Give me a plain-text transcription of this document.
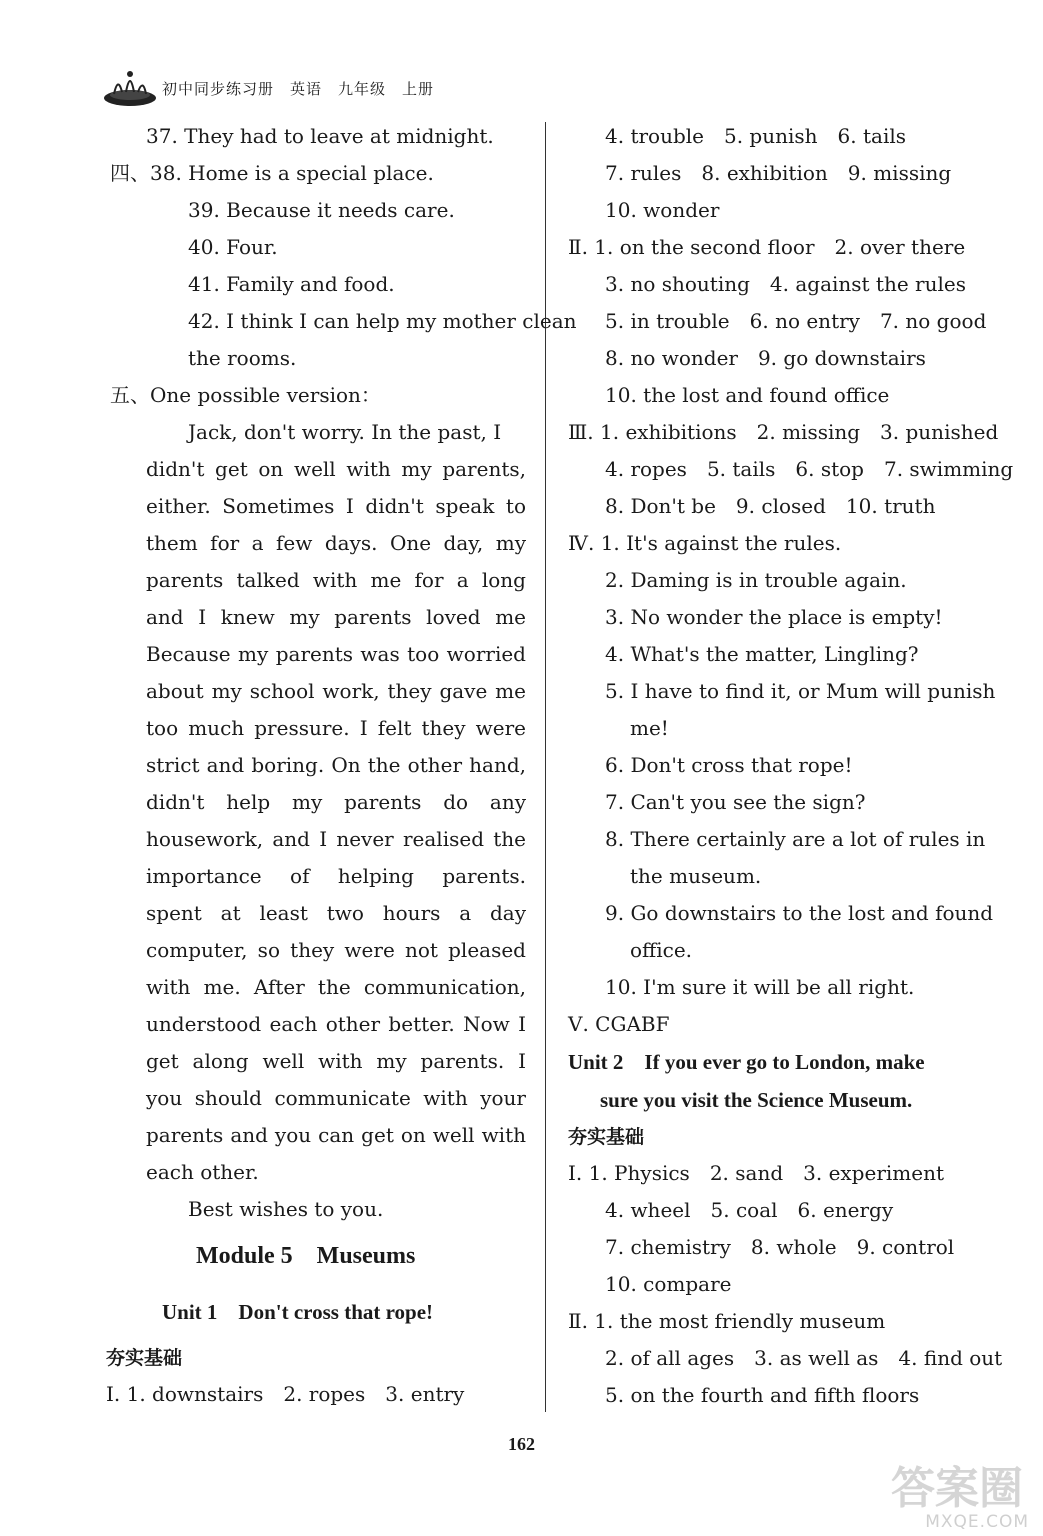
初中同步练习册　英语　九年级　上册
37. They had to leave at midnight.
四、38. Home is a special place.
39. Because it needs care.
40. Four.
41. Family and food.
42. I think I can help my mother clean
the rooms.
五、One possible version：
Jack, don't worry. In the past, I
didn't get on well with my parents,
either. Sometimes I didn't speak to
them for a few days. One day, my
parents talked with me for a long
and I knew my parents loved me
Because my parents was too worried
about my school work, they gave me
too much pressure. I felt they were
strict and boring. On the other hand,
didn't help my parents do any
housework, and I never realised the
importance of helping parents.
spent at least two hours a day
computer, so they were not pleased
with me. After the communication,
understood each other better. Now I
get along well with my parents. I
you should communicate with your
parents and you can get on well with
each other.
Best wishes to you.
Module 5　Museums
Unit 1　Don't cross that rope!
夯实基础
Ⅰ. 1. downstairs　2. ropes　3. entry
4. trouble　5. punish　6. tails
7. rules　8. exhibition　9. missing
10. wonder
Ⅱ. 1. on the second floor　2. over there
3. no shouting　4. against the rules
5. in trouble　6. no entry　7. no good
8. no wonder　9. go downstairs
10. the lost and found office
Ⅲ. 1. exhibitions　2. missing　3. punished
4. ropes　5. tails　6. stop　7. swimming
8. Don't be　9. closed　10. truth
Ⅳ. 1. It's against the rules.
2. Daming is in trouble again.
3. No wonder the place is empty!
4. What's the matter, Lingling?
5. I have to find it, or Mum will punish
me!
6. Don't cross that rope!
7. Can't you see the sign?
8. There certainly are a lot of rules in
the museum.
9. Go downstairs to the lost and found
office.
10. I'm sure it will be all right.
Ⅴ. CGABF
Unit 2　If you ever go to London, make
sure you visit the Science Museum.
夯实基础
Ⅰ. 1. Physics　2. sand　3. experiment
4. wheel　5. coal　6. energy
7. chemistry　8. whole　9. control
10. compare
Ⅱ. 1. the most friendly museum
2. of all ages　3. as well as　4. find out
5. on the fourth and fifth floors
162
答案圈
MXQE.COM
